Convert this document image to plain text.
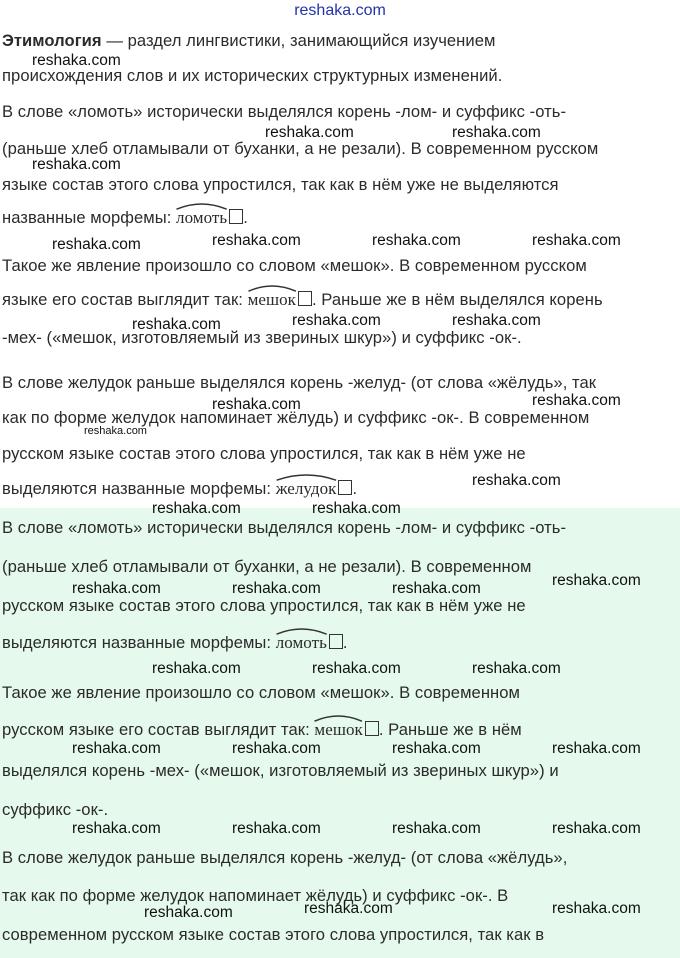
reshaka.com
Этимология — раздел лингвистики, занимающийся изучением
происхождения слов и их исторических структурных изменений.
В слове «ломоть» исторически выделялся корень -лом- и суффикс -оть-
(раньше хлеб отламывали от буханки, а не резали). В современном русском
языке состав этого слова упростился, так как в нём уже не выделяются
названные морфемы:
ломоть .
Такое же явление произошло со словом «мешок». В современном русском
языке его состав выглядит так:
мешок . Раньше же в нём выделялся корень
-мех- («мешок, изготовляемый из звериных шкур») и суффикс -ок-.
В слове желудок раньше выделялся корень -желуд- (от слова «жёлудь», так
как по форме желудок напоминает жёлудь) и суффикс -ок-. В современном
русском языке состав этого слова упростился, так как в нём уже не
выделяются названные морфемы:
желудок .
В слове «ломоть» исторически выделялся корень -лом- и суффикс -оть-
(раньше хлеб отламывали от буханки, а не резали). В современном
русском языке состав этого слова упростился, так как в нём уже не
выделяются названные морфемы:
ломоть .
Такое же явление произошло со словом «мешок». В современном
русском языке его состав выглядит так:
мешок . Раньше же в нём
выделялся корень -мех- («мешок, изготовляемый из звериных шкур») и
суффикс -ок-.
В слове желудок раньше выделялся корень -желуд- (от слова «жёлудь»,
так как по форме желудок напоминает жёлудь) и суффикс -ок-. В
современном русском языке состав этого слова упростился, так как в
reshaka.com
reshaka.com	reshaka.com
reshaka.com
reshaka.com	reshaka.com	reshaka.com	reshaka.com
reshaka.com	reshaka.com	reshaka.com
reshaka.com	reshaka.com
reshaka.com
reshaka.com
reshaka.com	reshaka.com
reshaka.com	reshaka.com	reshaka.com	reshaka.com
reshaka.com	reshaka.com	reshaka.com
reshaka.com	reshaka.com	reshaka.com	reshaka.com
reshaka.com	reshaka.com	reshaka.com	reshaka.com
reshaka.com	reshaka.com	reshaka.com
